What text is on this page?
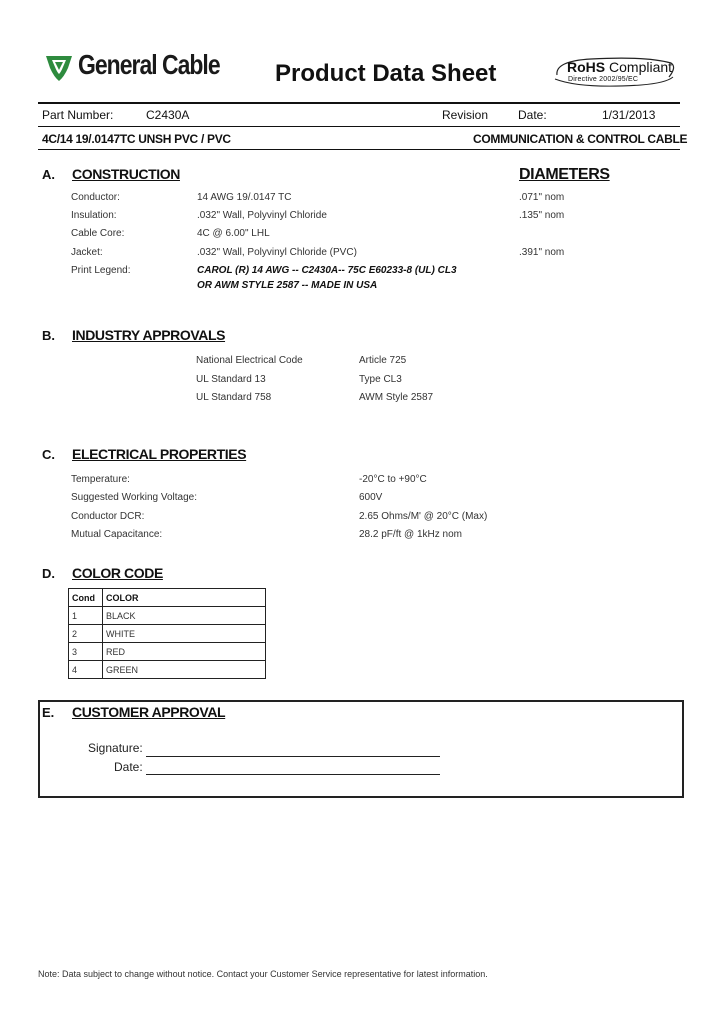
General Cable Product Data Sheet	RoHS Compliant
Directive 2002/95/EC
Part Number:	C2430A	Revision Date:	1/31/2013
4C/14 19/.0147TC UNSH PVC / PVC	COMMUNICATION & CONTROL CABLE
A. CONSTRUCTION	DIAMETERS
Conductor:	14 AWG 19/.0147 TC	.071" nom
Insulation:	.032" Wall, Polyvinyl Chloride	.135" nom
Cable Core:	4C @ 6.00" LHL
Jacket:	.032" Wall, Polyvinyl Chloride (PVC)	.391" nom
Print Legend:	CAROL (R) 14 AWG -- C2430A-- 75C E60233-8 (UL) CL3
OR AWM STYLE 2587 -- MADE IN USA
B. INDUSTRY APPROVALS
National Electrical Code	Article 725
UL Standard 13	Type CL3
UL Standard 758	AWM Style 2587
C. ELECTRICAL PROPERTIES
Temperature:	-20°C to +90°C
Suggested Working Voltage:	600V
Conductor DCR:	2.65 Ohms/M' @ 20°C (Max)
Mutual Capacitance:	28.2 pF/ft @ 1kHz nom
D. COLOR CODE
Cond	COLOR
1	BLACK
2	WHITE
3	RED
4	GREEN
E. CUSTOMER APPROVAL
Signature:
Date:
Note: Data subject to change without notice. Contact your Customer Service representative for latest information.
